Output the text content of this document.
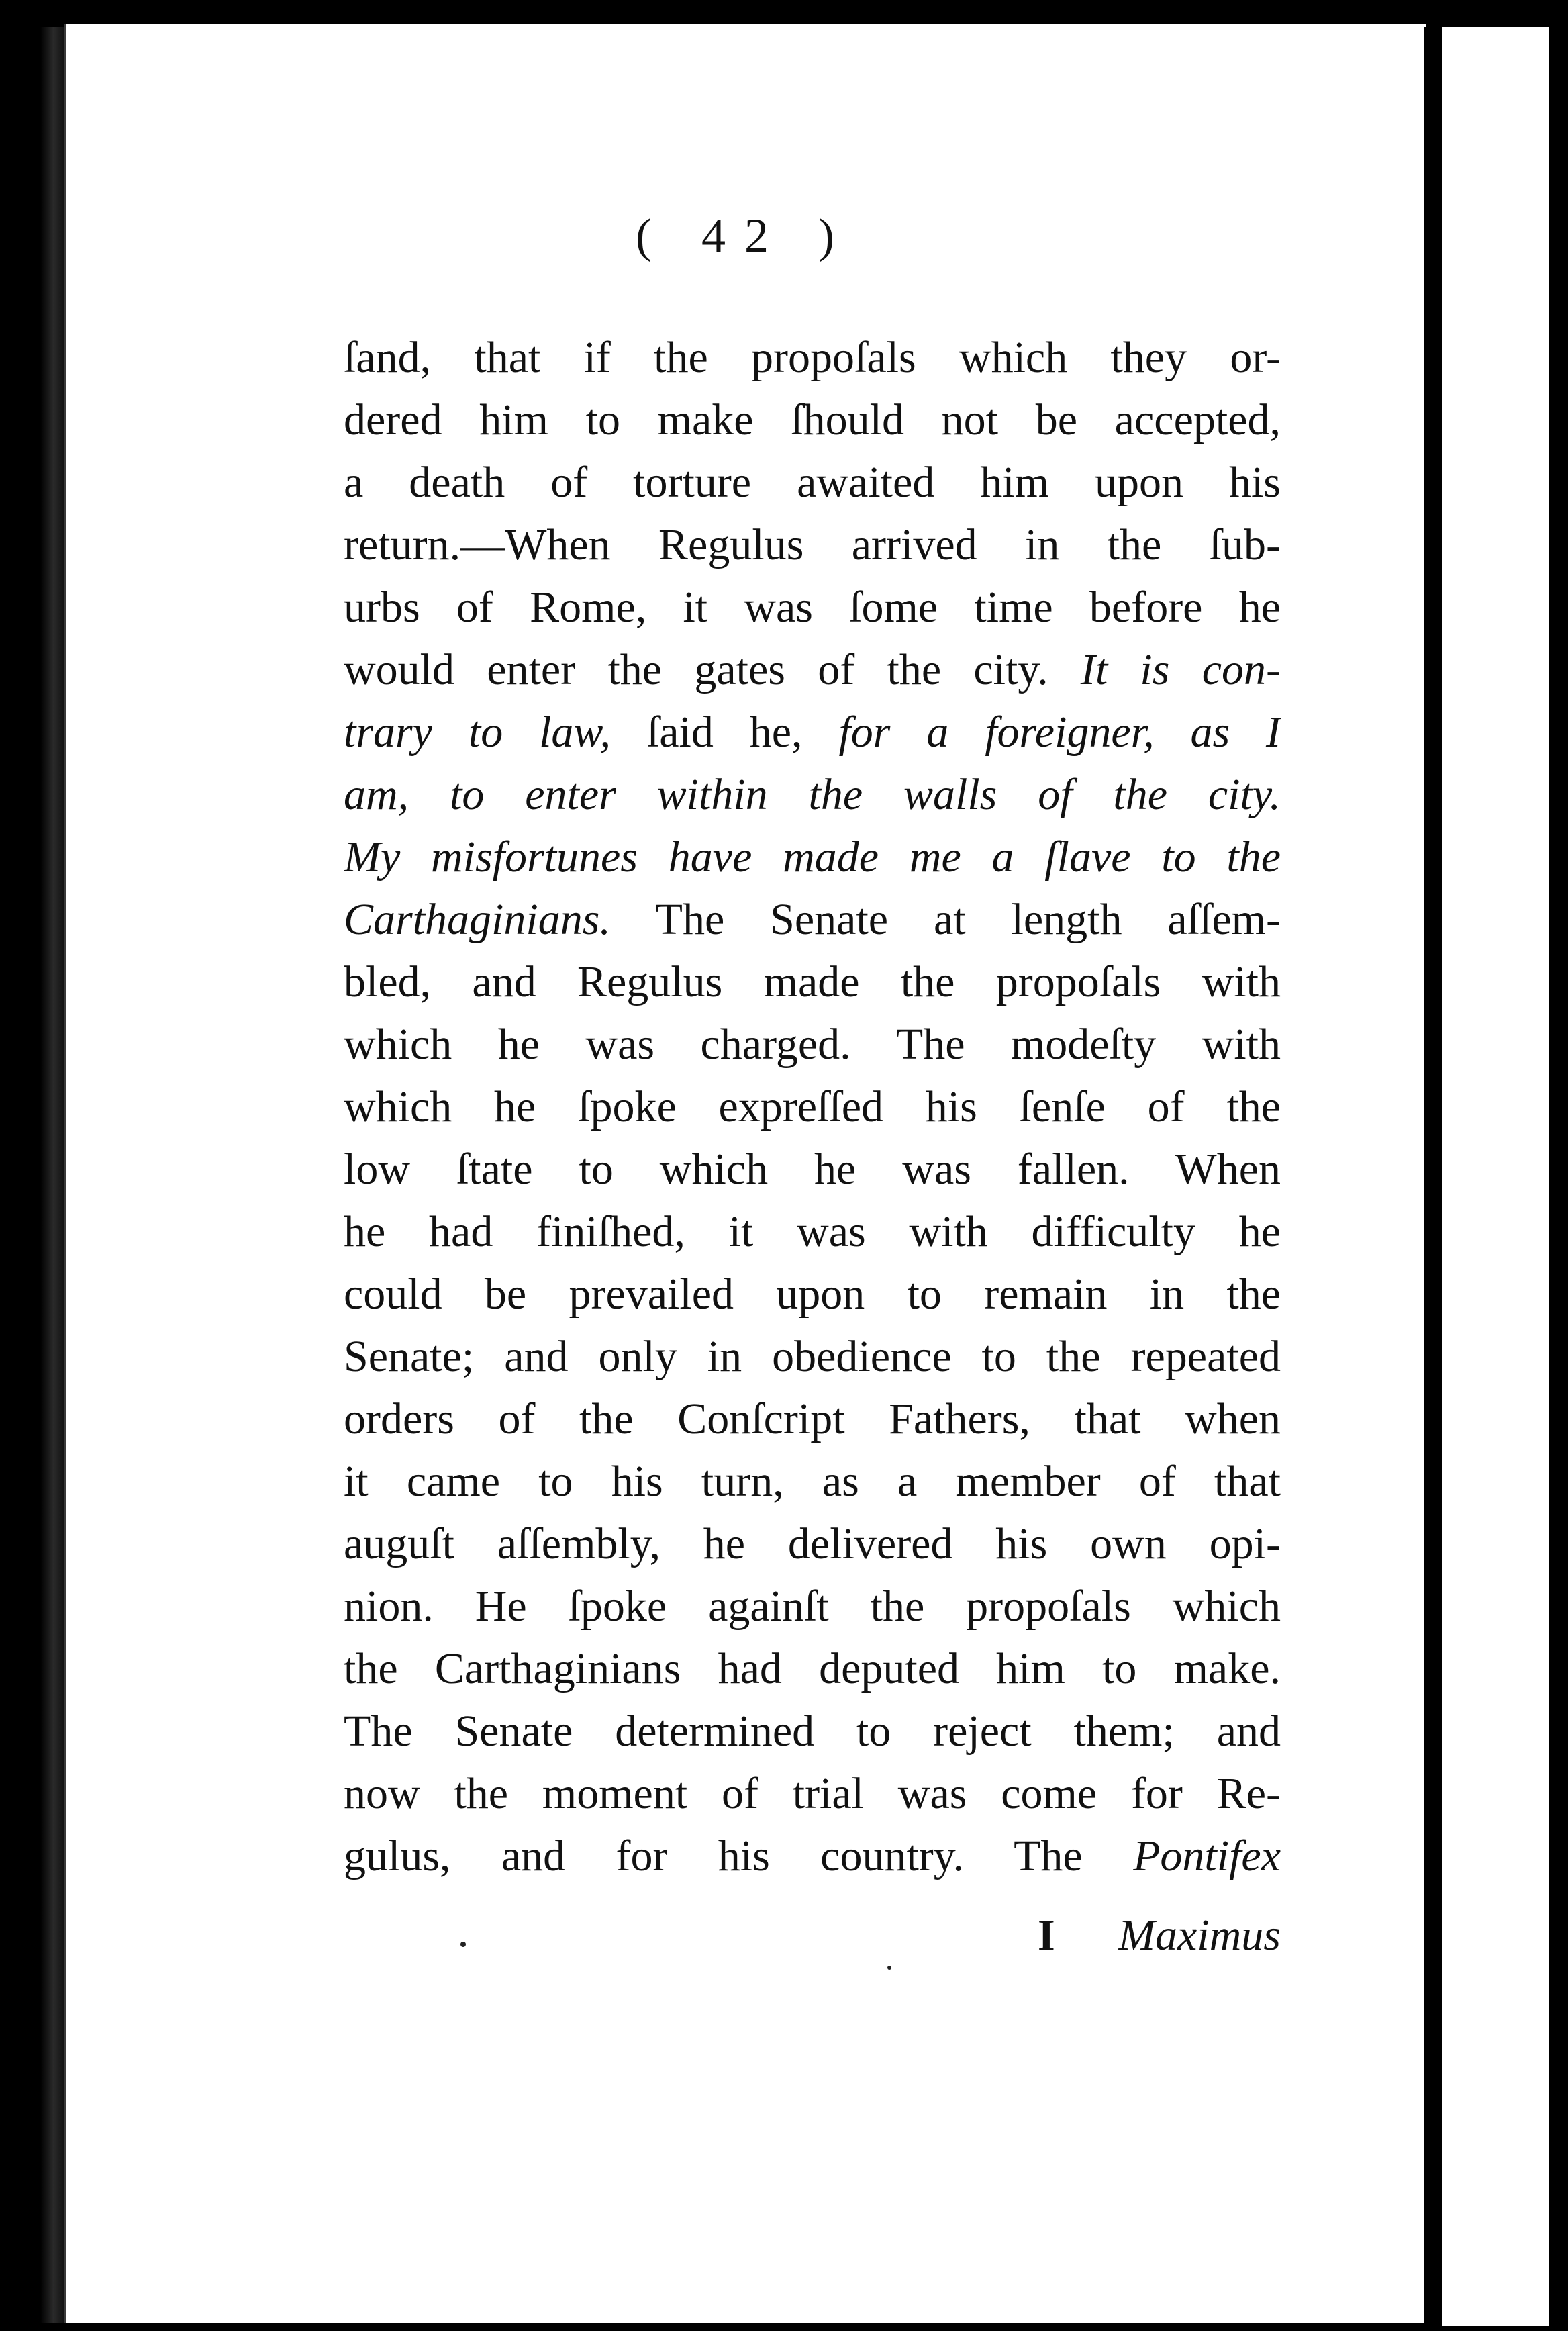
( 42 )
ſand, that if the propoſals which they or-
dered him to make ſhould not be accepted,
a death of torture awaited him upon his
return.—When Regulus arrived in the ſub-
urbs of Rome, it was ſome time before he
would enter the gates of the city. It is con-
trary to law, ſaid he, for a foreigner, as I
am, to enter within the walls of the city.
My misfortunes have made me a ſlave to the
Carthaginians. The Senate at length aſſem-
bled, and Regulus made the propoſals with
which he was charged. The modeſty with
which he ſpoke expreſſed his ſenſe of the
low ſtate to which he was fallen. When
he had finiſhed, it was with difficulty he
could be prevailed upon to remain in the
Senate; and only in obedience to the repeated
orders of the Conſcript Fathers, that when
it came to his turn, as a member of that
auguſt aſſembly, he delivered his own opi-
nion. He ſpoke againſt the propoſals which
the Carthaginians had deputed him to make.
The Senate determined to reject them; and
now the moment of trial was come for Re-
gulus, and for his country. The Pontifex
I Maximus
